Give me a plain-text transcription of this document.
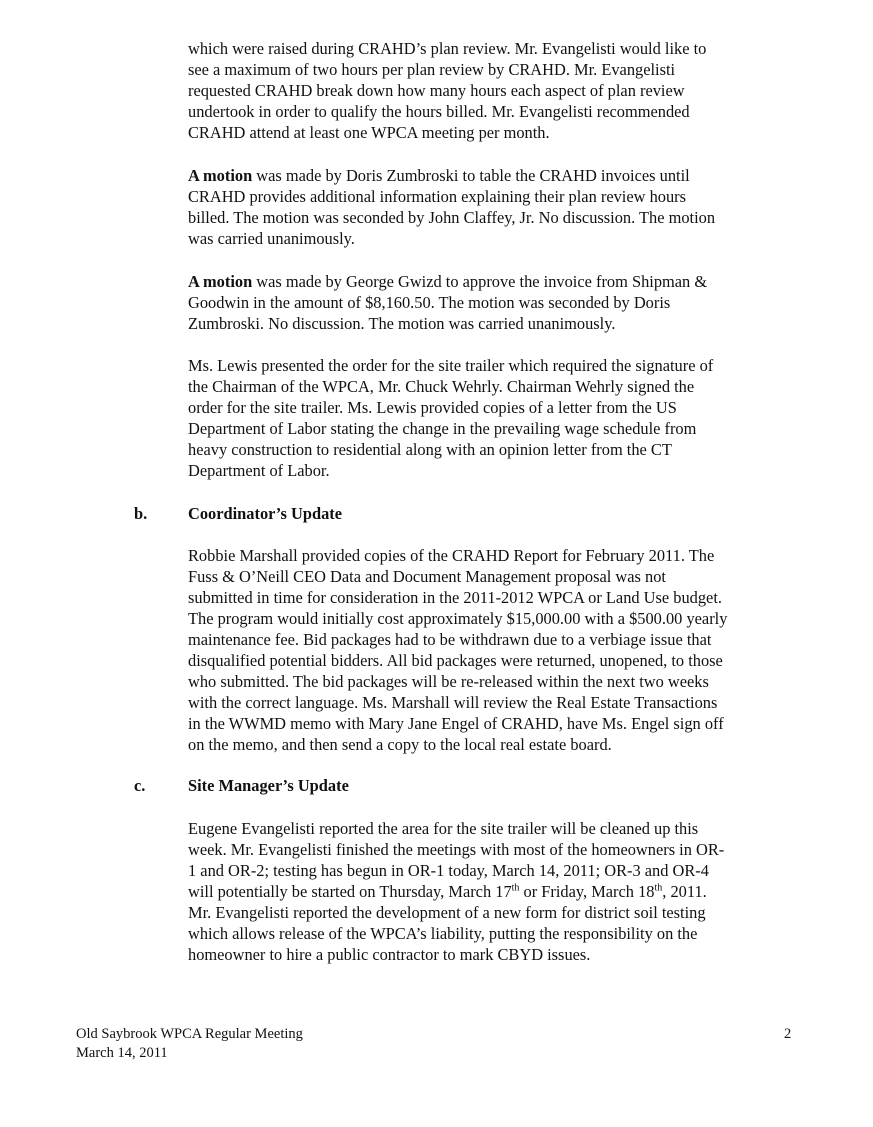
which were raised during CRAHD’s plan review. Mr. Evangelisti would like to
see a maximum of two hours per plan review by CRAHD. Mr. Evangelisti
requested CRAHD break down how many hours each aspect of plan review
undertook in order to qualify the hours billed. Mr. Evangelisti recommended
CRAHD attend at least one WPCA meeting per month.
A motion was made by Doris Zumbroski to table the CRAHD invoices until
CRAHD provides additional information explaining their plan review hours
billed. The motion was seconded by John Claffey, Jr. No discussion. The motion
was carried unanimously.
A motion was made by George Gwizd to approve the invoice from Shipman &
Goodwin in the amount of $8,160.50. The motion was seconded by Doris
Zumbroski. No discussion. The motion was carried unanimously.
Ms. Lewis presented the order for the site trailer which required the signature of
the Chairman of the WPCA, Mr. Chuck Wehrly. Chairman Wehrly signed the
order for the site trailer. Ms. Lewis provided copies of a letter from the US
Department of Labor stating the change in the prevailing wage schedule from
heavy construction to residential along with an opinion letter from the CT
Department of Labor.
b. Coordinator’s Update
Robbie Marshall provided copies of the CRAHD Report for February 2011. The
Fuss & O’Neill CEO Data and Document Management proposal was not
submitted in time for consideration in the 2011-2012 WPCA or Land Use budget.
The program would initially cost approximately $15,000.00 with a $500.00 yearly
maintenance fee. Bid packages had to be withdrawn due to a verbiage issue that
disqualified potential bidders. All bid packages were returned, unopened, to those
who submitted. The bid packages will be re-released within the next two weeks
with the correct language. Ms. Marshall will review the Real Estate Transactions
in the WWMD memo with Mary Jane Engel of CRAHD, have Ms. Engel sign off
on the memo, and then send a copy to the local real estate board.
c.	Site Manager’s Update
Eugene Evangelisti reported the area for the site trailer will be cleaned up this
week. Mr. Evangelisti finished the meetings with most of the homeowners in OR-
1 and OR-2; testing has begun in OR-1 today, March 14, 2011; OR-3 and OR-4
will potentially be started on Thursday, March 17th or Friday, March 18th, 2011.
Mr. Evangelisti reported the development of a new form for district soil testing
which allows release of the WPCA’s liability, putting the responsibility on the
homeowner to hire a public contractor to mark CBYD issues.
Old Saybrook WPCA Regular Meeting
March 14, 2011
2
